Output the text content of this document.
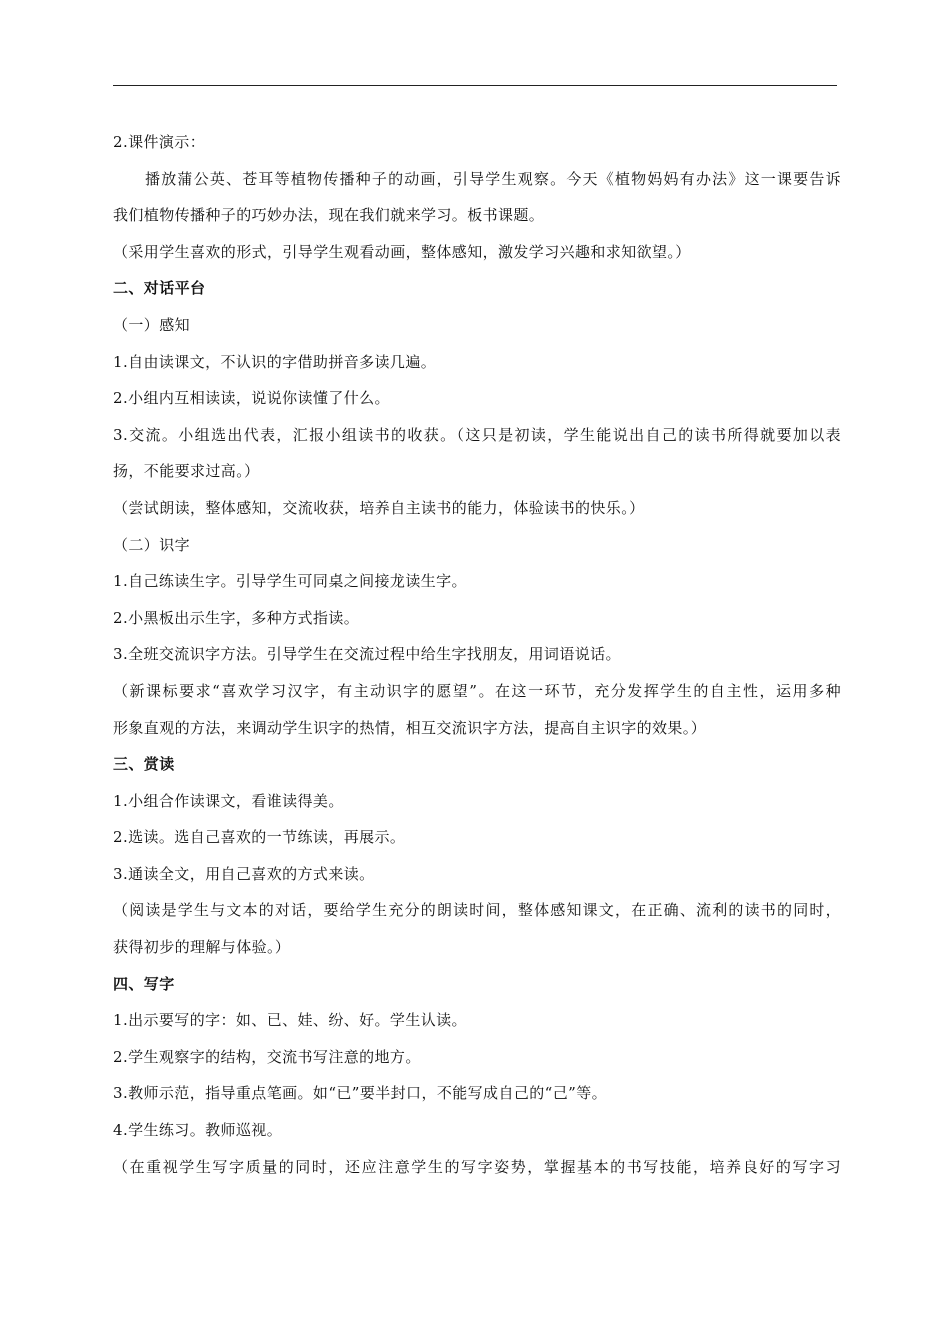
2.课件演示：
播放蒲公英、苍耳等植物传播种子的动画，引导学生观察。今天《植物妈妈有办法》这一课要告诉
我们植物传播种子的巧妙办法，现在我们就来学习。板书课题。
（采用学生喜欢的形式，引导学生观看动画，整体感知，激发学习兴趣和求知欲望。）
二、对话平台
（一）感知
1.自由读课文，不认识的字借助拼音多读几遍。
2.小组内互相读读，说说你读懂了什么。
3.交流。小组选出代表，汇报小组读书的收获。（这只是初读，学生能说出自己的读书所得就要加以表
扬，不能要求过高。）
（尝试朗读，整体感知，交流收获，培养自主读书的能力，体验读书的快乐。）
（二）识字
1.自己练读生字。引导学生可同桌之间接龙读生字。
2.小黑板出示生字，多种方式指读。
3.全班交流识字方法。引导学生在交流过程中给生字找朋友，用词语说话。
（新课标要求“喜欢学习汉字，有主动识字的愿望”。在这一环节，充分发挥学生的自主性，运用多种
形象直观的方法，来调动学生识字的热情，相互交流识字方法，提高自主识字的效果。）
三、赏读
1.小组合作读课文，看谁读得美。
2.选读。选自己喜欢的一节练读，再展示。
3.通读全文，用自己喜欢的方式来读。
（阅读是学生与文本的对话，要给学生充分的朗读时间，整体感知课文，在正确、流利的读书的同时，
获得初步的理解与体验。）
四、写字
1.出示要写的字：如、已、娃、纷、好。学生认读。
2.学生观察字的结构，交流书写注意的地方。
3.教师示范，指导重点笔画。如“已”要半封口，不能写成自己的“己”等。
4.学生练习。教师巡视。
（在重视学生写字质量的同时，还应注意学生的写字姿势，掌握基本的书写技能，培养良好的写字习
